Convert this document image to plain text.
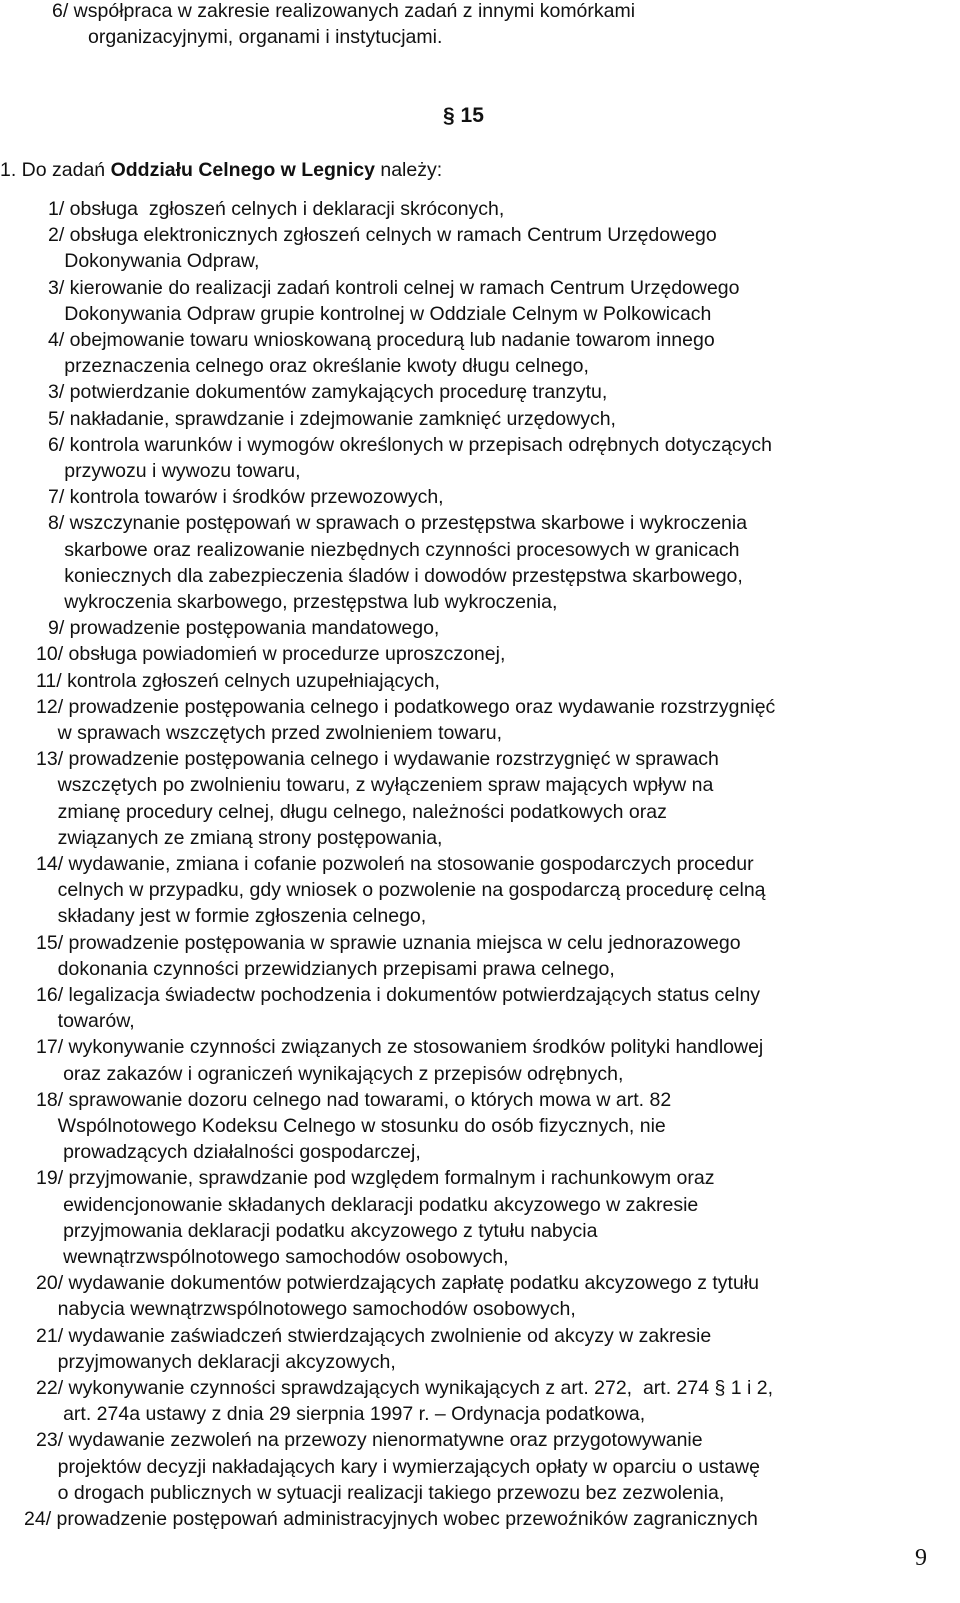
6/ współpraca w zakresie realizowanych zadań z innymi komórkami
organizacyjnymi, organami i instytucjami.
§ 15
1. Do zadań Oddziału Celnego w Legnicy należy:
1/ obsługa  zgłoszeń celnych i deklaracji skróconych,
2/ obsługa elektronicznych zgłoszeń celnych w ramach Centrum Urzędowego
Dokonywania Odpraw,
3/ kierowanie do realizacji zadań kontroli celnej w ramach Centrum Urzędowego
Dokonywania Odpraw grupie kontrolnej w Oddziale Celnym w Polkowicach
4/ obejmowanie towaru wnioskowaną procedurą lub nadanie towarom innego
przeznaczenia celnego oraz określanie kwoty długu celnego,
3/ potwierdzanie dokumentów zamykających procedurę tranzytu,
5/ nakładanie, sprawdzanie i zdejmowanie zamknięć urzędowych,
6/ kontrola warunków i wymogów określonych w przepisach odrębnych dotyczących
przywozu i wywozu towaru,
7/ kontrola towarów i środków przewozowych,
8/ wszczynanie postępowań w sprawach o przestępstwa skarbowe i wykroczenia
skarbowe oraz realizowanie niezbędnych czynności procesowych w granicach
koniecznych dla zabezpieczenia śladów i dowodów przestępstwa skarbowego,
wykroczenia skarbowego, przestępstwa lub wykroczenia,
9/ prowadzenie postępowania mandatowego,
10/ obsługa powiadomień w procedurze uproszczonej,
11/ kontrola zgłoszeń celnych uzupełniających,
12/ prowadzenie postępowania celnego i podatkowego oraz wydawanie rozstrzygnięć
w sprawach wszczętych przed zwolnieniem towaru,
13/ prowadzenie postępowania celnego i wydawanie rozstrzygnięć w sprawach
wszczętych po zwolnieniu towaru, z wyłączeniem spraw mających wpływ na
zmianę procedury celnej, długu celnego, należności podatkowych oraz
związanych ze zmianą strony postępowania,
14/ wydawanie, zmiana i cofanie pozwoleń na stosowanie gospodarczych procedur
celnych w przypadku, gdy wniosek o pozwolenie na gospodarczą procedurę celną
składany jest w formie zgłoszenia celnego,
15/ prowadzenie postępowania w sprawie uznania miejsca w celu jednorazowego
dokonania czynności przewidzianych przepisami prawa celnego,
16/ legalizacja świadectw pochodzenia i dokumentów potwierdzających status celny
towarów,
17/ wykonywanie czynności związanych ze stosowaniem środków polityki handlowej
oraz zakazów i ograniczeń wynikających z przepisów odrębnych,
18/ sprawowanie dozoru celnego nad towarami, o których mowa w art. 82
Wspólnotowego Kodeksu Celnego w stosunku do osób fizycznych, nie
prowadzących działalności gospodarczej,
19/ przyjmowanie, sprawdzanie pod względem formalnym i rachunkowym oraz
ewidencjonowanie składanych deklaracji podatku akcyzowego w zakresie
przyjmowania deklaracji podatku akcyzowego z tytułu nabycia
wewnątrzwspólnotowego samochodów osobowych,
20/ wydawanie dokumentów potwierdzających zapłatę podatku akcyzowego z tytułu
nabycia wewnątrzwspólnotowego samochodów osobowych,
21/ wydawanie zaświadczeń stwierdzających zwolnienie od akcyzy w zakresie
przyjmowanych deklaracji akcyzowych,
22/ wykonywanie czynności sprawdzających wynikających z art. 272,  art. 274 § 1 i 2,
art. 274a ustawy z dnia 29 sierpnia 1997 r. – Ordynacja podatkowa,
23/ wydawanie zezwoleń na przewozy nienormatywne oraz przygotowywanie
projektów decyzji nakładających kary i wymierzających opłaty w oparciu o ustawę
o drogach publicznych w sytuacji realizacji takiego przewozu bez zezwolenia,
24/ prowadzenie postępowań administracyjnych wobec przewoźników zagranicznych
9
